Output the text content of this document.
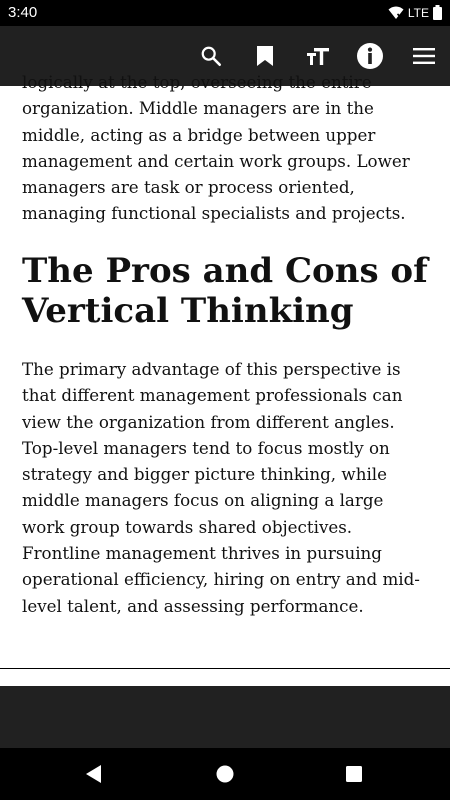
3:40	LTE

logically at the top, overseeing the entire organization. Middle managers are in the middle, acting as a bridge between upper management and certain work groups. Lower managers are task or process oriented, managing functional specialists and projects.

The Pros and Cons of Vertical Thinking

The primary advantage of this perspective is that different management professionals can view the organization from different angles. Top-level managers tend to focus mostly on strategy and bigger picture thinking, while middle managers focus on aligning a large work group towards shared objectives. Frontline management thrives in pursuing operational efficiency, hiring on entry and mid-level talent, and assessing performance.
